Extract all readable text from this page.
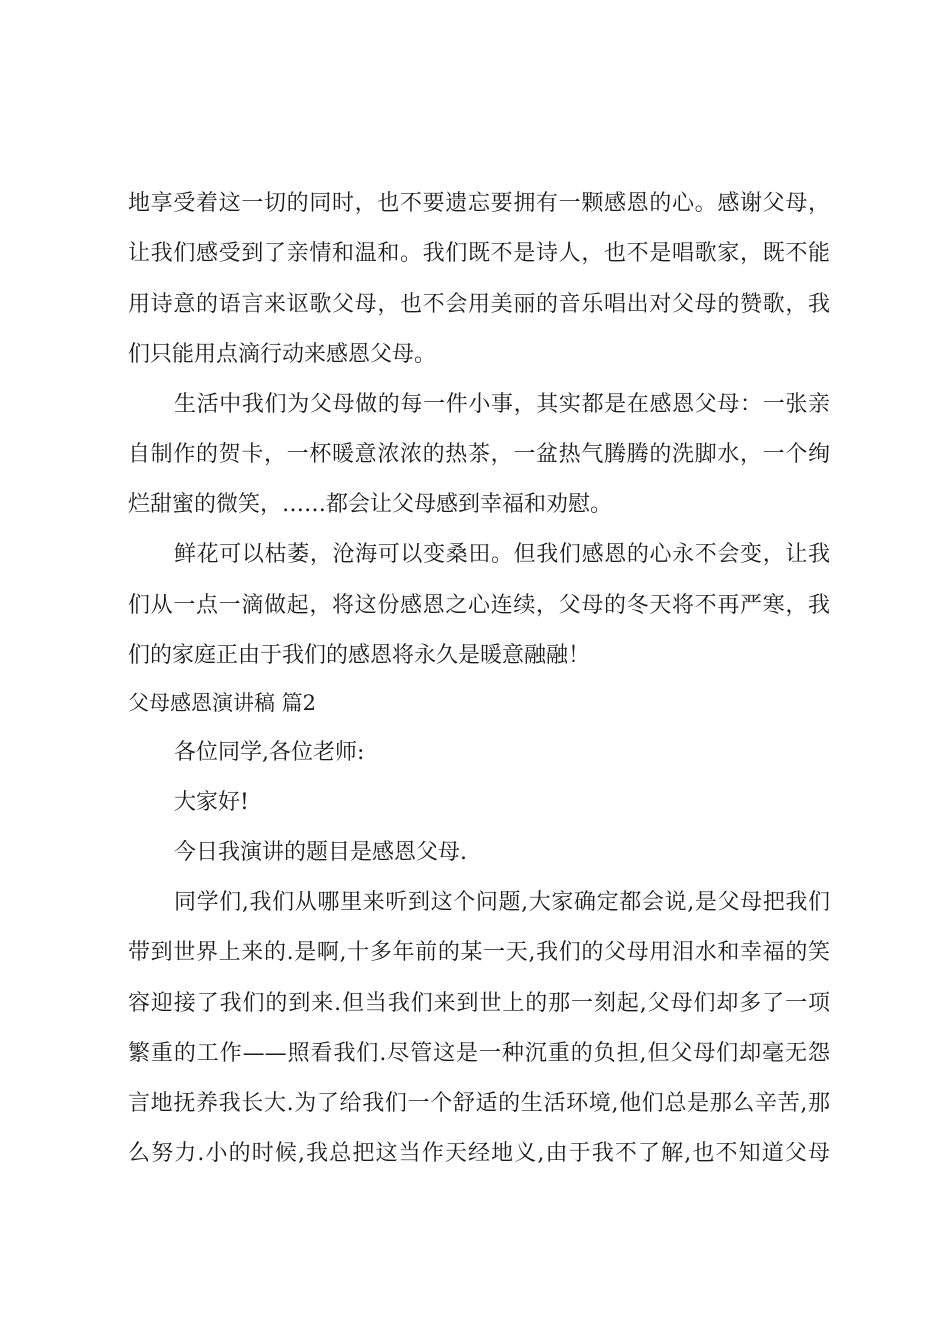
地享受着这一切的同时，也不要遗忘要拥有一颗感恩的心。感谢父母，
让我们感受到了亲情和温和。我们既不是诗人，也不是唱歌家，既不能
用诗意的语言来讴歌父母，也不会用美丽的音乐唱出对父母的赞歌，我
们只能用点滴行动来感恩父母。
生活中我们为父母做的每一件小事，其实都是在感恩父母：一张亲
自制作的贺卡，一杯暖意浓浓的热茶，一盆热气腾腾的洗脚水，一个绚
烂甜蜜的微笑，……都会让父母感到幸福和劝慰。
鲜花可以枯萎，沧海可以变桑田。但我们感恩的心永不会变，让我
们从一点一滴做起，将这份感恩之心连续，父母的冬天将不再严寒，我
们的家庭正由于我们的感恩将永久是暖意融融！
父母感恩演讲稿 篇2
各位同学,各位老师:
大家好!
今日我演讲的题目是感恩父母.
同学们,我们从哪里来听到这个问题,大家确定都会说,是父母把我们
带到世界上来的.是啊,十多年前的某一天,我们的父母用泪水和幸福的笑
容迎接了我们的到来.但当我们来到世上的那一刻起,父母们却多了一项
繁重的工作——照看我们.尽管这是一种沉重的负担,但父母们却毫无怨
言地抚养我长大.为了给我们一个舒适的生活环境,他们总是那么辛苦,那
么努力.小的时候,我总把这当作天经地义,由于我不了解,也不知道父母
